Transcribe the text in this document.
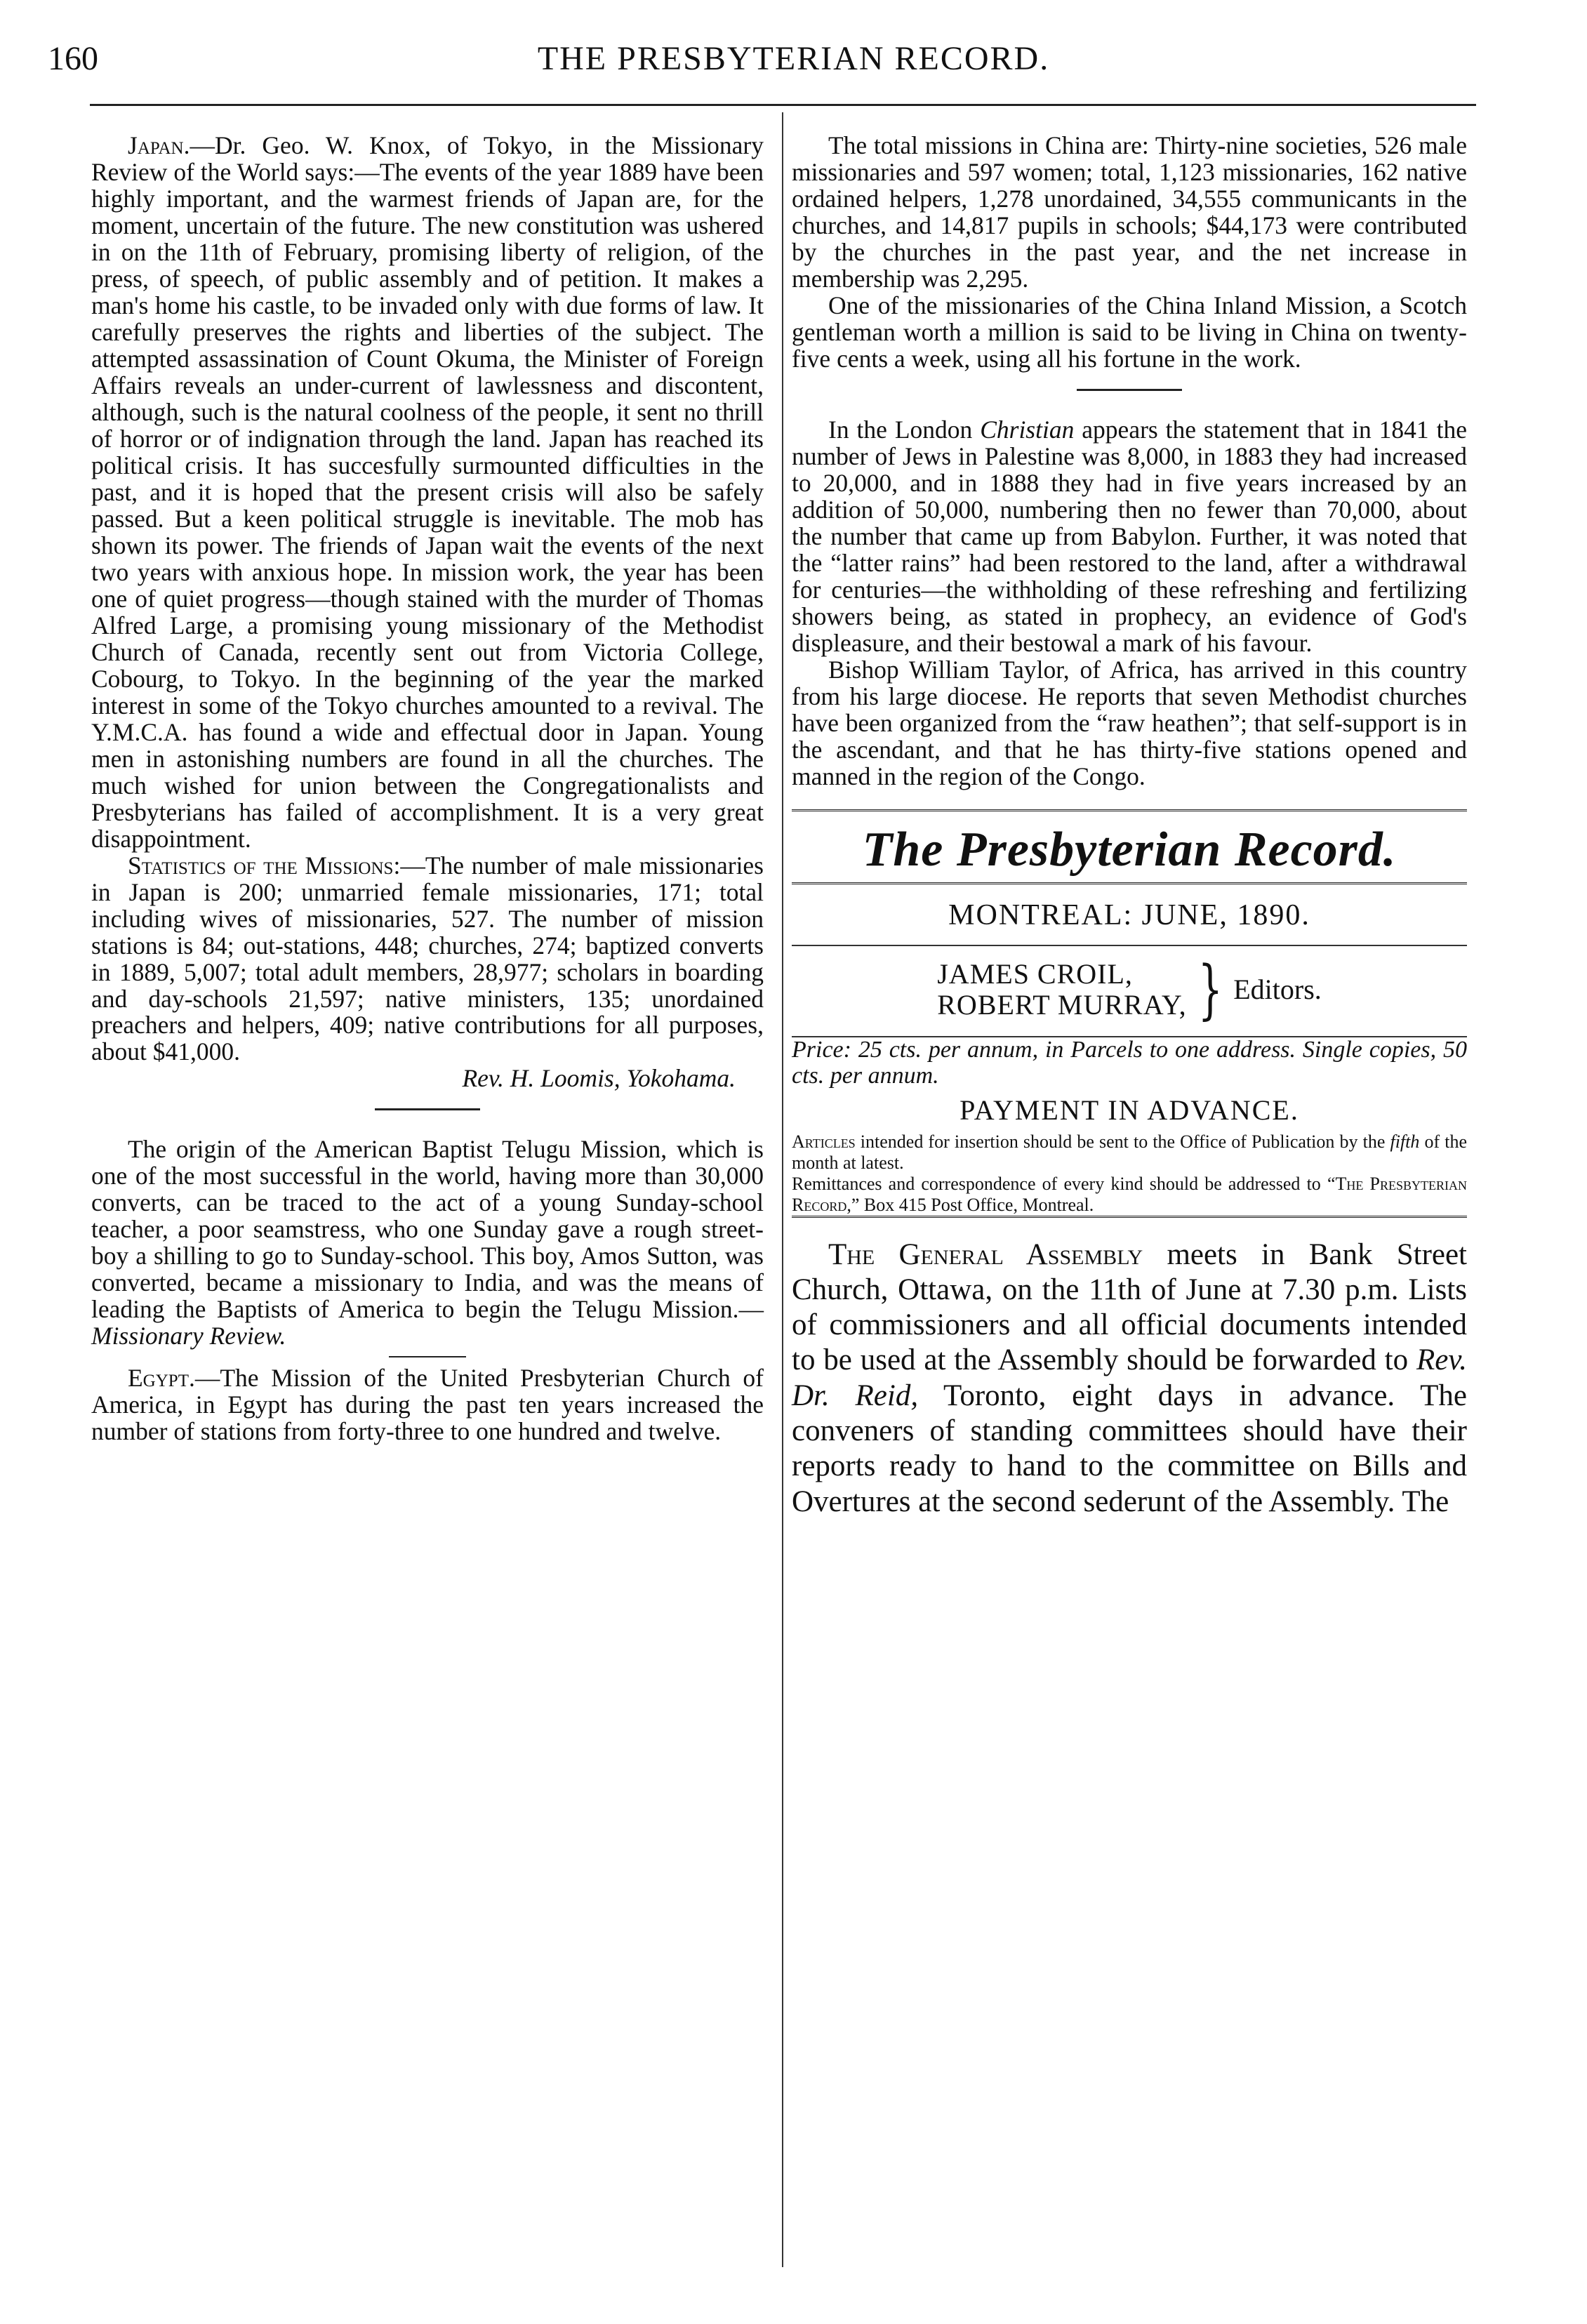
160	THE PRESBYTERIAN RECORD.

Japan.—Dr. Geo. W. Knox, of Tokyo, in the Missionary Review of the World says:—The events of the year 1889 have been highly important, and the warmest friends of Japan are, for the moment, uncertain of the future. The new constitution was ushered in on the 11th of February, promising liberty of religion, of the press, of speech, of public assembly and of petition. It makes a man's home his castle, to be invaded only with due forms of law. It carefully preserves the rights and liberties of the subject. The attempted assassination of Count Okuma, the Minister of Foreign Affairs reveals an under-current of lawlessness and discontent, although, such is the natural coolness of the people, it sent no thrill of horror or of indignation through the land. Japan has reached its political crisis. It has succesfully surmounted difficulties in the past, and it is hoped that the present crisis will also be safely passed. But a keen political struggle is inevitable. The mob has shown its power. The friends of Japan wait the events of the next two years with anxious hope. In mission work, the year has been one of quiet progress—though stained with the murder of Thomas Alfred Large, a promising young missionary of the Methodist Church of Canada, recently sent out from Victoria College, Cobourg, to Tokyo. In the beginning of the year the marked interest in some of the Tokyo churches amounted to a revival. The Y.M.C.A. has found a wide and effectual door in Japan. Young men in astonishing numbers are found in all the churches. The much wished for union between the Congregationalists and Presbyterians has failed of accomplishment. It is a very great disappointment.

Statistics of the Missions:—The number of male missionaries in Japan is 200; unmarried female missionaries, 171; total including wives of missionaries, 527. The number of mission stations is 84; out-stations, 448; churches, 274; baptized converts in 1889, 5,007; total adult members, 28,977; scholars in boarding and day-schools 21,597; native ministers, 135; unordained preachers and helpers, 409; native contributions for all purposes, about $41,000.

Rev. H. Loomis, Yokohama.

The origin of the American Baptist Telugu Mission, which is one of the most successful in the world, having more than 30,000 converts, can be traced to the act of a young Sunday-school teacher, a poor seamstress, who one Sunday gave a rough street-boy a shilling to go to Sunday-school. This boy, Amos Sutton, was converted, became a missionary to India, and was the means of leading the Baptists of America to begin the Telugu Mission.—Missionary Review.

Egypt.—The Mission of the United Presbyterian Church of America, in Egypt has during the past ten years increased the number of stations from forty-three to one hundred and twelve.

The total missions in China are: Thirty-nine societies, 526 male missionaries and 597 women; total, 1,123 missionaries, 162 native ordained helpers, 1,278 unordained, 34,555 communicants in the churches, and 14,817 pupils in schools; $44,173 were contributed by the churches in the past year, and the net increase in membership was 2,295.

One of the missionaries of the China Inland Mission, a Scotch gentleman worth a million is said to be living in China on twenty-five cents a week, using all his fortune in the work.

In the London Christian appears the statement that in 1841 the number of Jews in Palestine was 8,000, in 1883 they had increased to 20,000, and in 1888 they had in five years increased by an addition of 50,000, numbering then no fewer than 70,000, about the number that came up from Babylon. Further, it was noted that the “latter rains” had been restored to the land, after a withdrawal for centuries—the withholding of these refreshing and fertilizing showers being, as stated in prophecy, an evidence of God's displeasure, and their bestowal a mark of his favour.

Bishop William Taylor, of Africa, has arrived in this country from his large diocese. He reports that seven Methodist churches have been organized from the “raw heathen”; that self-support is in the ascendant, and that he has thirty-five stations opened and manned in the region of the Congo.

The Presbyterian Record.
MONTREAL: JUNE, 1890.
JAMES CROIL,
ROBERT MURRAY, } Editors.

Price: 25 cts. per annum, in Parcels to one address. Single copies, 50 cts. per annum.

PAYMENT IN ADVANCE.

Articles intended for insertion should be sent to the Office of Publication by the fifth of the month at latest.

Remittances and correspondence of every kind should be addressed to “The Presbyterian Record,” Box 415 Post Office, Montreal.

The General Assembly meets in Bank Street Church, Ottawa, on the 11th of June at 7.30 p.m. Lists of commissioners and all official documents intended to be used at the Assembly should be forwarded to Rev. Dr. Reid, Toronto, eight days in advance. The conveners of standing committees should have their reports ready to hand to the committee on Bills and Overtures at the second sederunt of the Assembly. The
